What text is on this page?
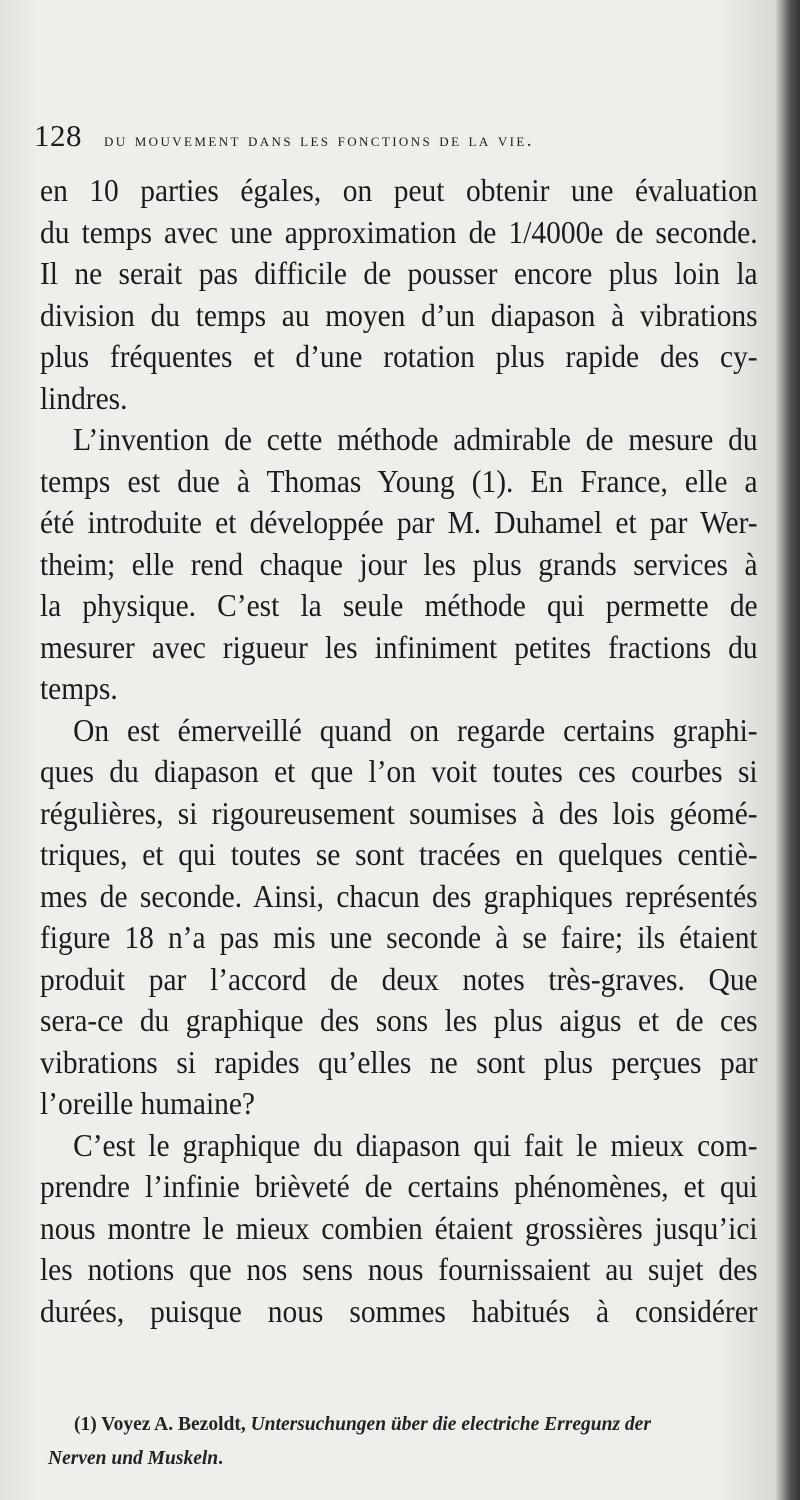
128 du mouvement dans les fonctions de la vie.
en 10 parties égales, on peut obtenir une évaluation
du temps avec une approximation de 1/4000e de seconde.
Il ne serait pas difficile de pousser encore plus loin la
division du temps au moyen d’un diapason à vibrations
plus fréquentes et d’une rotation plus rapide des cy-
lindres.
L’invention de cette méthode admirable de mesure du
temps est due à Thomas Young (1). En France, elle a
été introduite et développée par M. Duhamel et par Wer-
theim; elle rend chaque jour les plus grands services à
la physique. C’est la seule méthode qui permette de
mesurer avec rigueur les infiniment petites fractions du
temps.
On est émerveillé quand on regarde certains graphi-
ques du diapason et que l’on voit toutes ces courbes si
régulières, si rigoureusement soumises à des lois géomé-
triques, et qui toutes se sont tracées en quelques centiè-
mes de seconde. Ainsi, chacun des graphiques représentés
figure 18 n’a pas mis une seconde à se faire; ils étaient
produit par l’accord de deux notes très-graves. Que
sera-ce du graphique des sons les plus aigus et de ces
vibrations si rapides qu’elles ne sont plus perçues par
l’oreille humaine?
C’est le graphique du diapason qui fait le mieux com-
prendre l’infinie brièveté de certains phénomènes, et qui
nous montre le mieux combien étaient grossières jusqu’ici
les notions que nos sens nous fournissaient au sujet des
durées, puisque nous sommes habitués à considérer
(1) Voyez A. Bezoldt, Untersuchungen über die electriche Erregunz der
Nerven und Muskeln.
